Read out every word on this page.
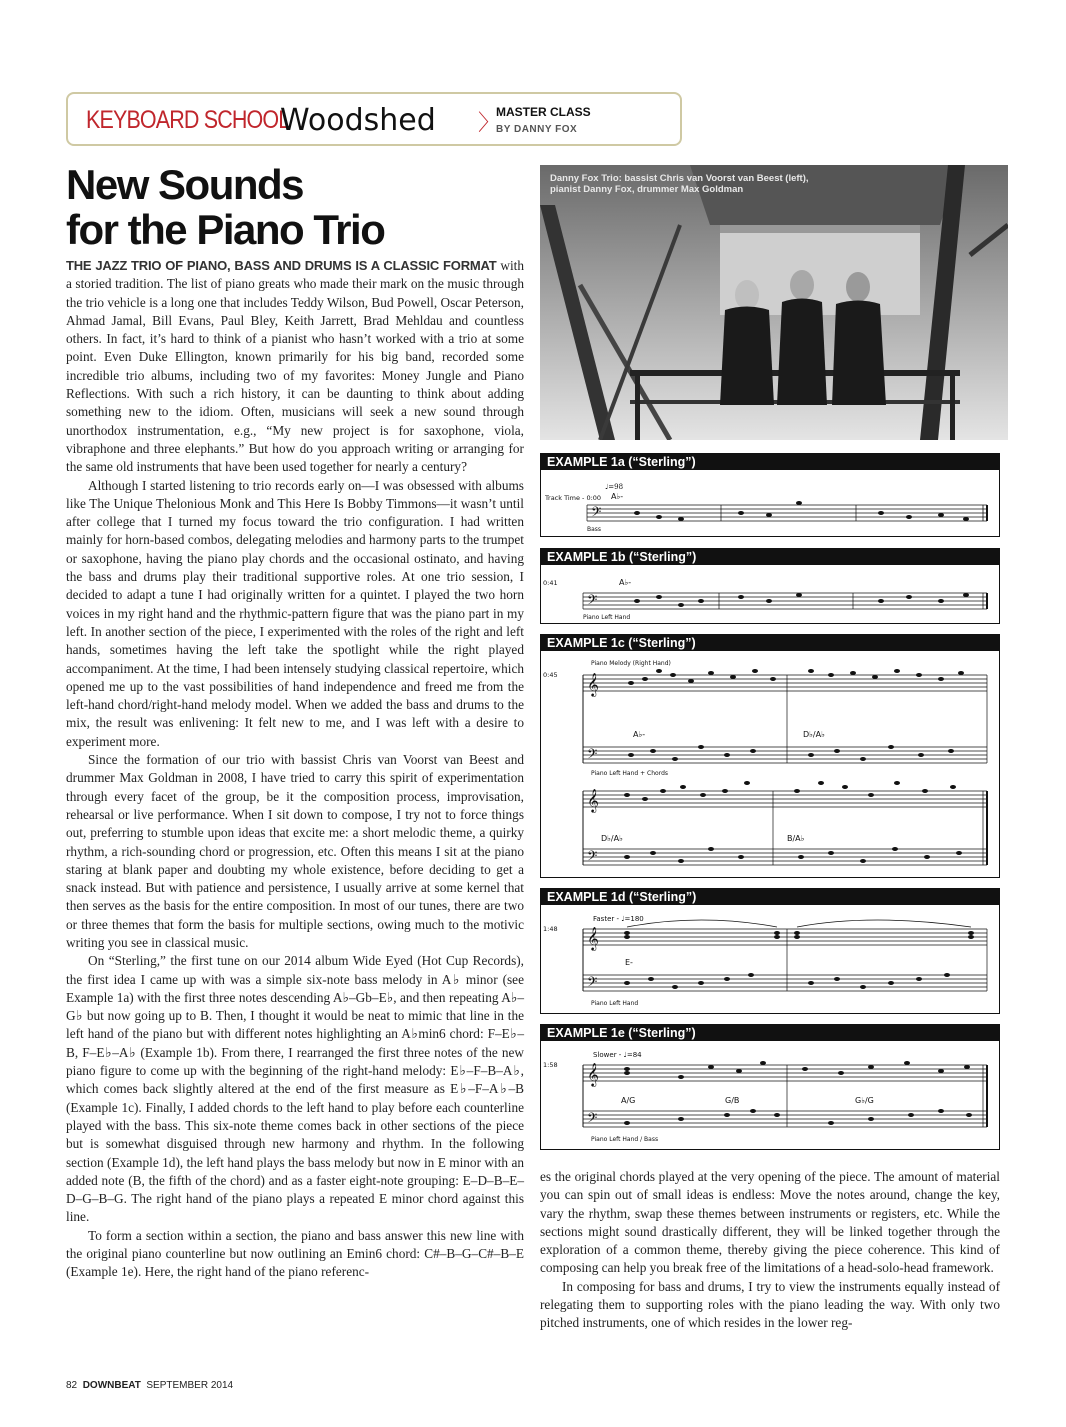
KEYBOARD SCHOOL
Woodshed 〉
MASTER CLASS
BY DANNY FOX
New Sounds
for the Piano Trio

THE JAZZ TRIO OF PIANO, BASS AND DRUMS IS A CLASSIC FORMAT with a storied tradition. The list of piano greats who made their mark on the music through the trio vehicle is a long one that includes Teddy Wilson, Bud Powell, Oscar Peterson, Ahmad Jamal, Bill Evans, Paul Bley, Keith Jarrett, Brad Mehldau and countless others. In fact, it’s hard to think of a pianist who hasn’t worked with a trio at some point. Even Duke Ellington, known primarily for his big band, recorded some incredible trio albums, including two of my favorites: Money Jungle and Piano Reflections. With such a rich history, it can be daunting to think about adding something new to the idiom. Often, musicians will seek a new sound through unorthodox instrumentation, e.g., “My new project is for saxophone, viola, vibraphone and three elephants.” But how do you approach writing or arranging for the same old instruments that have been used together for nearly a century?

Although I started listening to trio records early on—I was obsessed with albums like The Unique Thelonious Monk and This Here Is Bobby Timmons—it wasn’t until after college that I turned my focus toward the trio configuration. I had written mainly for horn-based combos, delegating melodies and harmony parts to the trumpet or saxophone, having the piano play chords and the occasional ostinato, and having the bass and drums play their traditional supportive roles. At one trio session, I decided to adapt a tune I had originally written for a quintet. I played the two horn voices in my right hand and the rhythmic-pattern figure that was the piano part in my left. In another section of the piece, I experimented with the roles of the right and left hands, sometimes having the left take the spotlight while the right played accompaniment. At the time, I had been intensely studying classical repertoire, which opened me up to the vast possibilities of hand independence and freed me from the left-hand chord/right-hand melody model. When we added the bass and drums to the mix, the result was enlivening: It felt new to me, and I was left with a desire to experiment more.

Since the formation of our trio with bassist Chris van Voorst van Beest and drummer Max Goldman in 2008, I have tried to carry this spirit of experimentation through every facet of the group, be it the composition process, improvisation, rehearsal or live performance. When I sit down to compose, I try not to force things out, preferring to stumble upon ideas that excite me: a short melodic theme, a quirky rhythm, a rich-sounding chord or progression, etc. Often this means I sit at the piano staring at blank paper and doubting my whole existence, before deciding to get a snack instead. But with patience and persistence, I usually arrive at some kernel that then serves as the basis for the entire composition. In most of our tunes, there are two or three themes that form the basis for multiple sections, owing much to the motivic writing you see in classical music.

On “Sterling,” the first tune on our 2014 album Wide Eyed (Hot Cup Records), the first idea I came up with was a simple six-note bass melody in A♭ minor (see Example 1a) with the first three notes descending A♭–Gb–E♭, and then repeating A♭–G♭ but now going up to B. Then, I thought it would be neat to mimic that line in the left hand of the piano but with different notes highlighting an A♭min6 chord: F–E♭–B, F–E♭–A♭ (Example 1b). From there, I rearranged the first three notes of the new piano figure to come up with the beginning of the right-hand melody: E♭–F–B–A♭, which comes back slightly altered at the end of the first measure as E♭–F–A♭–B (Example 1c). Finally, I added chords to the left hand to play before each counterline played with the bass. This six-note theme comes back in other sections of the piece but is somewhat disguised through new harmony and rhythm. In the following section (Example 1d), the left hand plays the bass melody but now in E minor with an added note (B, the fifth of the chord) and as a faster eight-note grouping: E–D–B–E–D–G–B–G. The right hand of the piano plays a repeated E minor chord against this line.

To form a section within a section, the piano and bass answer this new line with the original piano counterline but now outlining an Emin6 chord: C#–B–G–C#–B–E (Example 1e). Here, the right hand of the piano referenc-

Danny Fox Trio: bassist Chris van Voorst van Beest (left), pianist Danny Fox, drummer Max Goldman
EXAMPLE 1a (“Sterling”)
Track Time - 0:00
♩=98
A♭-
𝄢
Bass
EXAMPLE 1b (“Sterling”)
0:41	A♭-
𝄢
Piano Left Hand
EXAMPLE 1c (“Sterling”)
Piano Melody (Right Hand)
0:45 𝄞
𝄢
𝄞
𝄢
A♭-	D♭/A♭
Piano Left Hand + Chords
D♭/A♭	B/A♭
EXAMPLE 1d (“Sterling”)
1:48
Faster - ♩=180
𝄞
𝄢
E-
Piano Left Hand
EXAMPLE 1e (“Sterling”)
1:58
Slower - ♩=84
𝄞
𝄢
A/G	G/B	G♭/G
Piano Left Hand / Bass

es the original chords played at the very opening of the piece. The amount of material you can spin out of small ideas is endless: Move the notes around, change the key, vary the rhythm, swap these themes between instruments or registers, etc. While the sections might sound drastically different, they will be linked together through the exploration of a common theme, thereby giving the piece coherence. This kind of composing can help you break free of the limitations of a head-solo-head framework.

In composing for bass and drums, I try to view the instruments equally instead of relegating them to supporting roles with the piano leading the way. With only two pitched instruments, one of which resides in the lower reg-

82 DOWNBEAT SEPTEMBER 2014
